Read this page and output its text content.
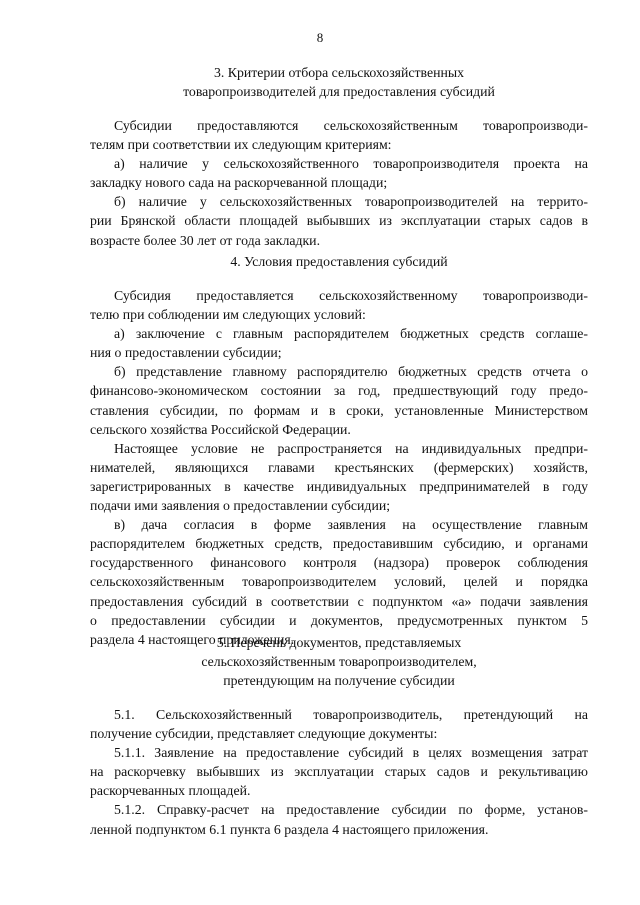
8
3. Критерии отбора сельскохозяйственных
товаропроизводителей для предоставления субсидий
Субсидии предоставляются сельскохозяйственным товаропроизводи-
телям при соответствии их следующим критериям:
а) наличие у сельскохозяйственного товаропроизводителя проекта на
закладку нового сада на раскорчеванной площади;
б) наличие у сельскохозяйственных товаропроизводителей на террито-
рии Брянской области площадей выбывших из эксплуатации старых садов в
возрасте более 30 лет от года закладки.
4. Условия предоставления субсидий
Субсидия предоставляется сельскохозяйственному товаропроизводи-
телю при соблюдении им следующих условий:
а) заключение с главным распорядителем бюджетных средств соглаше-
ния о предоставлении субсидии;
б) представление главному распорядителю бюджетных средств отчета о
финансово-экономическом состоянии за год, предшествующий году предо-
ставления субсидии, по формам и в сроки, установленные Министерством
сельского хозяйства Российской Федерации.
Настоящее условие не распространяется на индивидуальных предпри-
нимателей, являющихся главами крестьянских (фермерских) хозяйств,
зарегистрированных в качестве индивидуальных предпринимателей в году
подачи ими заявления о предоставлении субсидии;
в) дача согласия в форме заявления на осуществление главным
распорядителем бюджетных средств, предоставившим субсидию, и органами
государственного финансового контроля (надзора) проверок соблюдения
сельскохозяйственным товаропроизводителем условий, целей и порядка
предоставления субсидий в соответствии с подпунктом «а» подачи заявления
о предоставлении субсидии и документов, предусмотренных пунктом 5
раздела 4 настоящего приложения.
5. Перечень документов, представляемых
сельскохозяйственным товаропроизводителем,
претендующим на получение субсидии
5.1. Сельскохозяйственный товаропроизводитель, претендующий на
получение субсидии, представляет следующие документы:
5.1.1. Заявление на предоставление субсидий в целях возмещения затрат
на раскорчевку выбывших из эксплуатации старых садов и рекультивацию
раскорчеванных площадей.
5.1.2. Справку-расчет на предоставление субсидии по форме, установ-
ленной подпунктом 6.1 пункта 6 раздела 4 настоящего приложения.
